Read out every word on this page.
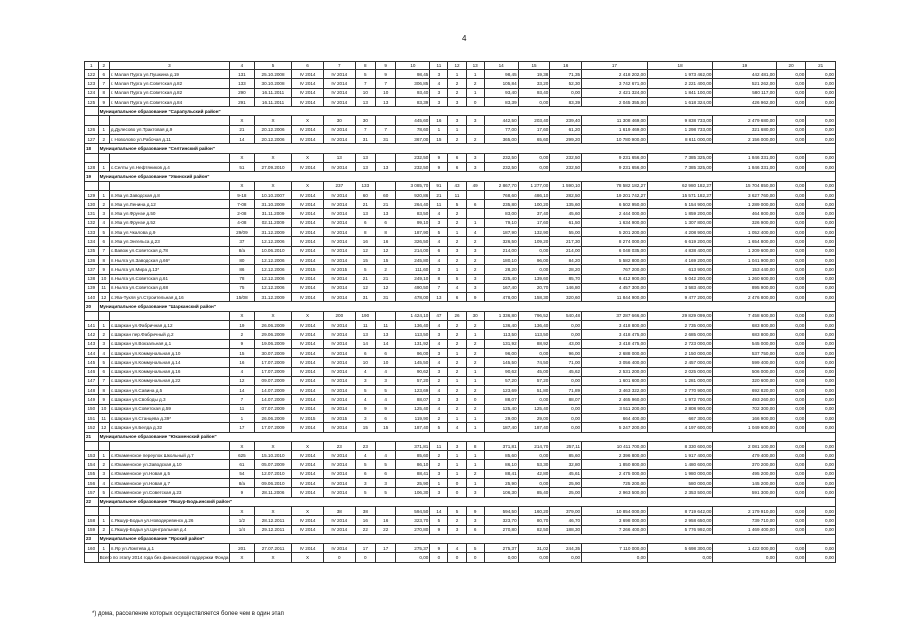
4
1	2	3	4	5	6	7	8	9	10	11	12	13	14	15	16	17	18	19	20	21
122	6	г. Малая Пурга ул.Пушкина д.19	131	25.10.2008	IV 2014	IV 2014	5	9	98,45	3	1	1	98,45	19,38	71,35	2 418 202,00	1 973 462,00	442 481,00	0,00	0,00
123	7	г. Малая Пурга ул.Советская д.82	133	30.10.2008	IV 2014	IV 2014	7	7	306,85	4	2	2	105,84	33,20	52,30	3 742 671,00	2 221 400,00	521 262,00	0,00	0,00
124	8	г. Малая Пурга ул.Советская д.82	290	16.11.2011	IV 2014	IV 2014	10	10	93,40	3	2	1	93,40	93,40	0,00	2 421 324,00	1 841 100,00	580 117,00	0,00	0,00
125	9	г. Малая Пурга ул.Советская д.84	291	16.11.2011	IV 2014	IV 2014	13	13	83,39	3	3	0	83,39	0,00	83,39	2 045 355,00	1 618 324,00	426 962,00	0,00	0,00
	Муниципальное образование "Сарапульский район"																			
			X	X	X	30	30		445,60	16	3	3	442,50	203,40	239,40	11 308 469,00	9 838 733,00	2 479 680,00	0,00	0,00
126	1	д.Дулесово ул.Трактовая д.9	21	20.12.2006	IV 2014	IV 2014	7	7	78,60	1	1		77,00	17,60	61,20	1 619 469,00	1 298 733,00	321 680,00	0,00	0,00
127	2	г. Новолово ул.Рабочая д.11	14	20.12.2006	IV 2014	IV 2014	31	31	367,00	15	2	2	365,00	65,60	299,20	10 780 900,00	8 611 000,00	2 156 000,00	0,00	0,00
18	Муниципальное образование "Селтинский район"																			
			X	X	X	13	13		232,50	9	6	3	232,50	0,00	232,50	9 231 656,00	7 385 325,00	1 846 331,00	0,00	0,00
128	1	с.Селты ул.Нефтяников д.4	51	27.09.2010	IV 2014	IV 2014	13	13	232,50	9	6	3	232,50	0,00	232,50	9 231 656,00	7 385 325,00	1 846 331,00	0,00	0,00
19	Муниципальное образование "Увинский район"																			
			X	X	X	237	133		3 085,70	91	43	49	2 867,70	1 277,00	1 590,10	78 582 182,27	62 980 182,27	15 704 850,00	0,00	0,00
129	1	п.Ува ул.Заводская д.8	9-18	10.10.2007	IV 2014	IV 2014	60	60	920,86	21	11		768,60	486,10	282,50	19 201 742,27	15 571 182,27	3 627 760,00	0,00	0,00
130	2	п.Ува ул.Ленина д.12	7-08	31.10.2009	IV 2014	IV 2014	21	21	264,40	11	5	6	235,80	100,20	135,60	6 502 950,00	5 154 900,00	1 289 000,00	0,00	0,00
131	3	п.Ува ул.Фрунзе д.50	2-08	31.11.2009	IV 2014	IV 2014	13	13	83,50	4	2		83,00	37,40	45,60	2 444 000,00	1 859 200,00	464 800,00	0,00	0,00
132	4	п.Ува ул.Фрунзе д.52	4-08	02.11.2009	IV 2014	IV 2014	6	6	99,10	3	2	1	79,10	17,60	61,50	1 634 900,00	1 307 800,00	326 900,00	0,00	0,00
133	5	п.Ува ул.Чкалова д.9	29/09	31.12.2009	IV 2014	IV 2014	8	8	187,90	5	1	4	187,90	132,90	55,00	5 201 200,00	4 208 900,00	1 052 400,00	0,00	0,00
134	6	п.Ува ул.Энгельса д.23	37	12.12.2006	IV 2014	IV 2014	16	16	326,50	4	2	2	326,50	109,20	217,30	8 274 000,00	6 619 200,00	1 654 800,00	0,00	0,00
135	7	с.Вавож ул.Советская д.78	8/a	10.06.2010	IV 2014	IV 2014	12	12	214,00	6	3	3	214,00	0,00	214,00	6 048 035,00	4 838 400,00	1 209 600,00	0,00	0,00
136	8	п.Нылга ул.Заводская д.66*	80	12.12.2006	IV 2014	IV 2014	15	15	245,80	4	2	2	180,10	96,00	84,20	5 582 800,00	4 169 200,00	1 041 900,00	0,00	0,00
137	9	п.Нылга ул.Мира д.13*	86	12.12.2006	IV 2015	IV 2015	5	2	111,60	3	1	2	28,20	0,00	28,20	767 200,00	613 900,00	153 440,00	0,00	0,00
138	10	п.Нылга ул.Советская д.61	78	12.12.2006	IV 2014	IV 2014	21	21	249,10	8	5	3	225,40	139,60	85,70	6 412 900,00	5 042 200,00	1 260 600,00	0,00	0,00
139	11	п.Нылга ул.Советская д.68	75	12.12.2006	IV 2014	IV 2014	12	12	490,50	7	4	3	167,40	20,70	146,80	4 457 300,00	3 583 400,00	895 900,00	0,00	0,00
140	12	с.Ува-Тукля ул.Строительная д.16	15/08	31.12.2009	IV 2014	IV 2014	31	31	478,00	13	6	9	478,00	158,30	320,60	11 844 900,00	9 477 200,00	2 476 800,00	0,00	0,00
20	Муниципальное образование "Шарканский район"																			
			X	X	X	200	190		1 424,10	47	26	30	1 336,80	796,52	540,48	37 287 666,00	29 829 099,00	7 458 600,00	0,00	0,00
141	1	с.Шаркан ул.Фабричная д.12	19	26.06.2009	IV 2014	IV 2014	11	11	136,40	4	2	2	136,40	136,40	0,00	3 418 800,00	2 735 000,00	683 800,00	0,00	0,00
142	2	с.Шаркан пер.Фабричный д.2	2	29.06.2009	IV 2014	IV 2014	13	13	113,50	3	2	1	113,50	113,50	0,00	3 418 475,00	2 685 000,00	683 800,00	0,00	0,00
143	3	с.Шаркан ул.Вокзальная д.1	9	19.06.2009	IV 2014	IV 2014	14	14	131,92	4	2	2	131,92	88,92	43,00	3 418 475,00	2 723 000,00	545 000,00	0,00	0,00
144	4	с.Шаркан ул.Коммунальная д.10	15	30.07.2009	IV 2014	IV 2014	6	6	96,00	3	1	2	96,00	0,00	96,00	2 688 000,00	2 150 000,00	537 750,00	0,00	0,00
145	5	с.Шаркан ул.Коммунальная д.14	16	17.07.2009	IV 2014	IV 2014	10	10	145,50	4	2	2	145,50	74,50	71,00	3 056 400,00	2 457 000,00	599 400,00	0,00	0,00
146	6	с.Шаркан ул.Коммунальная д.16	4	17.07.2009	IV 2014	IV 2014	4	4	90,62	3	2	1	90,62	45,00	45,62	2 531 200,00	2 025 000,00	506 000,00	0,00	0,00
147	7	с.Шаркан ул.Коммунальная д.22	12	09.07.2009	IV 2014	IV 2014	3	3	57,20	2	1	1	57,20	57,20	0,00	1 601 600,00	1 281 000,00	320 600,00	0,00	0,00
148	8	с.Шаркан ул.Савина д.5	14	14.07.2009	IV 2014	IV 2014	5	5	123,69	4	2	2	123,69	51,80	71,89	3 463 322,00	2 770 900,00	692 820,00	0,00	0,00
149	9	с.Шаркан ул.Свободы д.3	7	14.07.2009	IV 2014	IV 2014	4	4	88,07	3	3	0	88,07	0,00	88,07	2 465 960,00	1 972 700,00	493 260,00	0,00	0,00
150	10	с.Шаркан ул.Советская д.59	11	07.07.2009	IV 2014	IV 2014	9	9	125,40	4	2	2	125,40	125,40	0,00	3 511 200,00	2 808 900,00	702 300,00	0,00	0,00
151	11	с.Шаркан ул.Станцева д.39*	1	26.06.2009	IV 2015	IV 2015	3	6	119,90	2	1	1	29,00	29,00	0,00	664 400,00	667 300,00	166 900,00	0,00	0,00
152	12	с.Шаркан ул.Белда д.32	17	17.07.2009	IV 2014	IV 2014	15	15	187,40	5	4	1	187,40	187,40	0,00	5 247 200,00	4 197 600,00	1 049 600,00	0,00	0,00
21	Муниципальное образование "Юкаменский район"																			
			X	X	X	23	23		371,81	11	3	8	371,81	214,70	257,11	10 411 700,00	8 330 600,00	2 081 100,00	0,00	0,00
153	1	с.Юкаменское переулок Школьный д.7	625	15.10.2010	IV 2014	IV 2014	4	4	85,60	2	1	1	85,60	0,00	85,60	2 396 800,00	1 917 400,00	479 400,00	0,00	0,00
154	2	с.Юкаменское ул.Заводская д.10	61	05.07.2009	IV 2014	IV 2014	5	5	86,10	2	1	1	86,10	53,30	32,80	1 850 800,00	1 480 600,00	370 200,00	0,00	0,00
155	3	с.Юкаменское ул.Новая д.5	54	12.07.2010	IV 2014	IV 2014	6	6	88,41	3	1	2	88,41	42,80	45,61	2 475 000,00	1 980 000,00	495 200,00	0,00	0,00
156	4	с.Юкаменское ул.Новая д.7	8/a	09.06.2010	IV 2014	IV 2014	3	3	25,90	1	0	1	25,90	0,00	25,90	725 200,00	580 000,00	145 200,00	0,00	0,00
157	5	с.Юкаменское ул.Советская д.23	9	28.11.2006	IV 2014	IV 2014	5	5	106,30	3	0	3	106,30	85,40	25,00	2 963 500,00	2 353 500,00	591 300,00	0,00	0,00
22	Муниципальное образование "Якшур-Бодьинский район"																			
			X	X	X	38	38		594,50	14	5	9	594,50	160,20	379,00	10 854 000,00	8 719 642,00	2 179 910,00	0,00	0,00
158	1	с.Якшур-Бодья ул.Новодеревенск д.26	1/2	28.12.2011	IV 2014	IV 2014	16	16	323,70	5	2	3	323,70	80,70	46,70	3 698 000,00	2 958 650,00	739 710,00	0,00	0,00
159	2	с.Якшур-Бодья ул.Центральная д.4	1/4	29.12.2011	IV 2014	IV 2014	22	22	270,80	9	3	6	270,80	82,50	188,30	7 266 400,00	5 776 992,00	1 469 400,00	0,00	0,00
23	Муниципальное образование "Ярский район"																			
160	1	п.Яр ул.Ломтева д.1	201	27.07.2011	IV 2014	IV 2014	17	17	275,37	9	4	5	275,37	31,02	244,35	7 110 000,00	5 698 300,00	1 422 000,00	0,00	0,00
	Всего по этапу 2014 года без финансовой поддержки Фонда		X	X	X	0	0		0,00	0	0	0	0,00	0,00	0,00	0,00	0,00	0,00	0,00	0,00
*) дома, расселение которых осуществляется более чем в один этап
